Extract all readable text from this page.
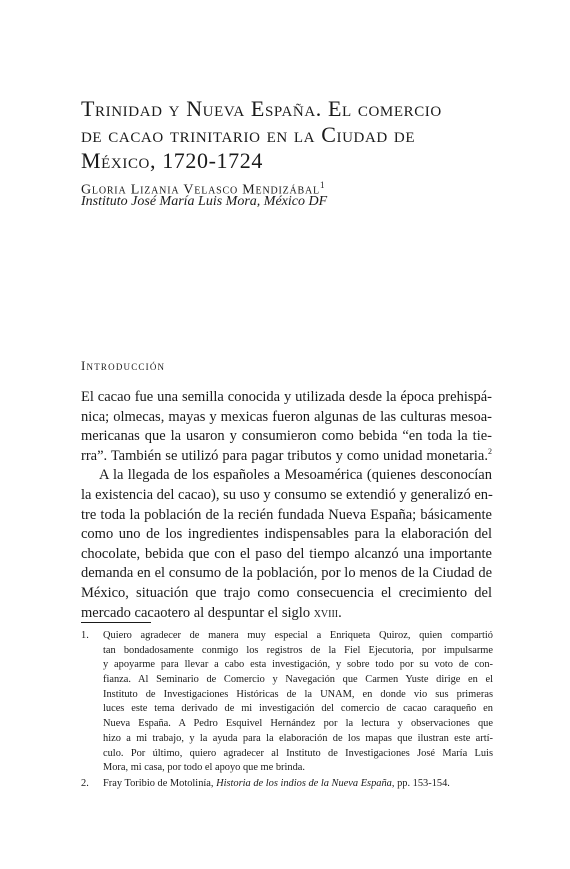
Trinidad y Nueva España. El comercio
de cacao trinitario en la Ciudad de
México, 1720-1724
Gloria Lizania Velasco Mendizábal$^1$
Instituto José María Luis Mora, México DF
Introducción
El cacao fue una semilla conocida y utilizada desde la época prehispá-
nica; olmecas, mayas y mexicas fueron algunas de las culturas mesoa-
mericanas que la usaron y consumieron como bebida “en toda la tie-
rra”. También se utilizó para pagar tributos y como unidad monetaria.$^2$
A la llegada de los españoles a Mesoamérica (quienes desconocían
la existencia del cacao), su uso y consumo se extendió y generalizó en-
tre toda la población de la recién fundada Nueva España; básicamente
como uno de los ingredientes indispensables para la elaboración del
chocolate, bebida que con el paso del tiempo alcanzó una importante
demanda en el consumo de la población, por lo menos de la Ciudad de
México, situación que trajo como consecuencia el crecimiento del
mercado cacaotero al despuntar el siglo xviii.
1. Quiero agradecer de manera muy especial a Enriqueta Quiroz, quien compartió
tan bondadosamente conmigo los registros de la Fiel Ejecutoria, por impulsarme
y apoyarme para llevar a cabo esta investigación, y sobre todo por su voto de con-
fianza. Al Seminario de Comercio y Navegación que Carmen Yuste dirige en el
Instituto de Investigaciones Históricas de la UNAM, en donde vio sus primeras
luces este tema derivado de mi investigación del comercio de cacao caraqueño en
Nueva España. A Pedro Esquivel Hernández por la lectura y observaciones que
hizo a mi trabajo, y la ayuda para la elaboración de los mapas que ilustran este artí-
culo. Por último, quiero agradecer al Instituto de Investigaciones José María Luis
Mora, mi casa, por todo el apoyo que me brinda.
2. Fray Toribio de Motolinía, Historia de los indios de la Nueva España, pp. 153-154.
